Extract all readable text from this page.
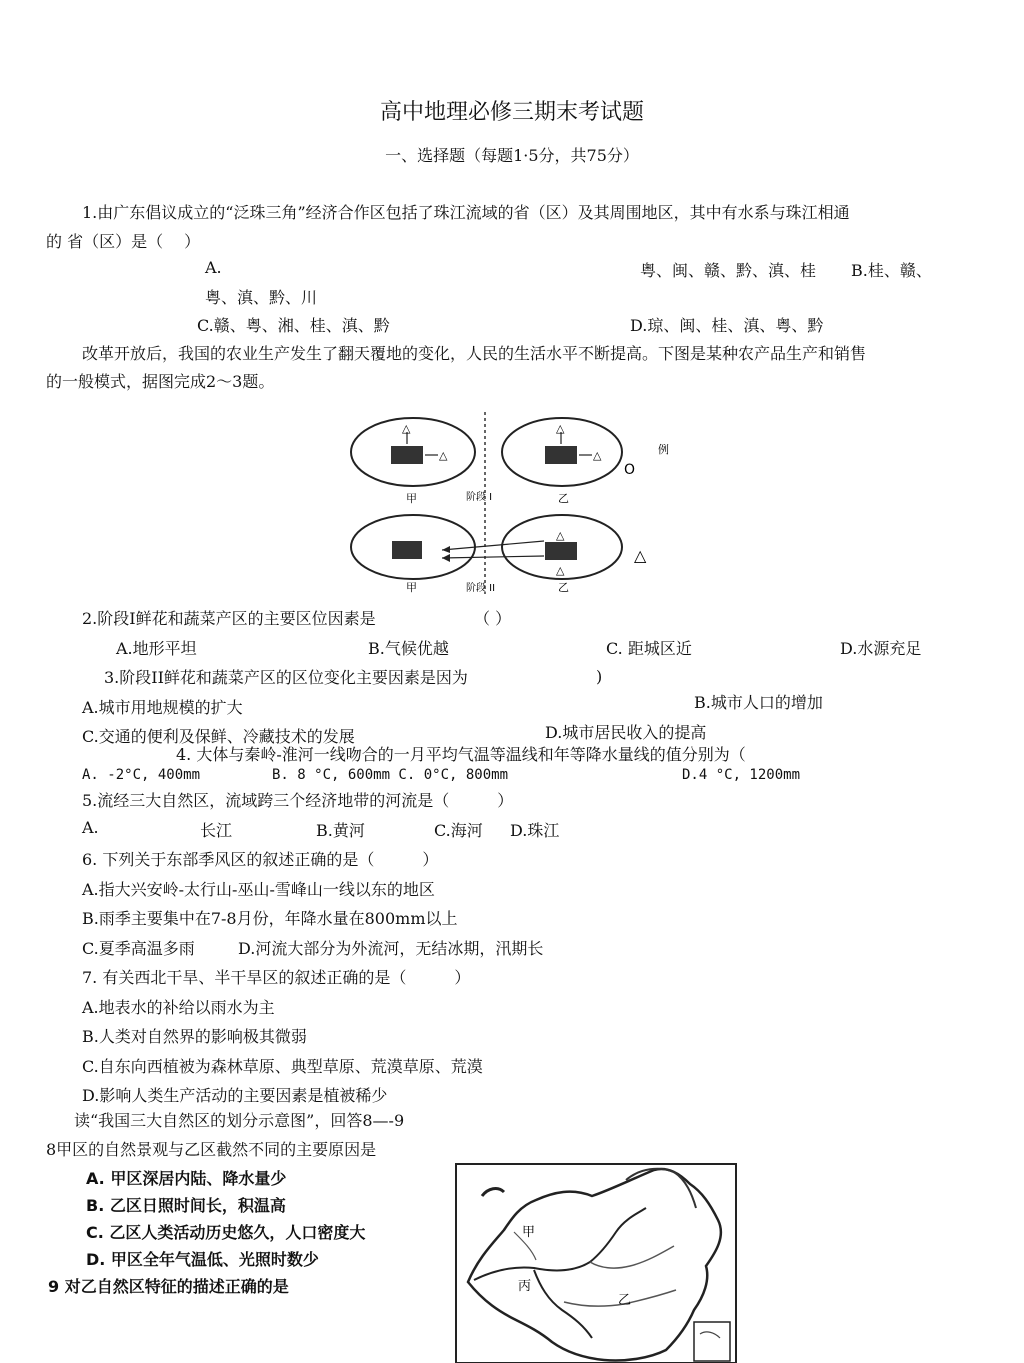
高中地理必修三期末考试题
一、选择题（每题1·5分，共75分）
1.由广东倡议成立的“泛珠三角”经济合作区包括了珠江流域的省（区）及其周围地区，其中有水系与珠江相通
的 省（区）是（　 ）
A.	粤、闽、赣、黔、滇、桂 B.桂、赣、
粤、滇、黔、川
C.赣、粤、湘、桂、滇、黔	D.琼、闽、桂、滇、粤、黔
改革开放后，我国的农业生产发生了翻天覆地的变化，人民的生活水平不断提高。下图是某种农产品生产和销售
的一般模式，据图完成2～3题。
△
△
甲	阶段 I
△
△
乙
甲	阶段 II
△
△
乙
例
O
△
2.阶段I鲜花和蔬菜产区的主要区位因素是	（ ）
A.地形平坦	B.气候优越	C. 距城区近	D.水源充足
3.阶段II鲜花和蔬菜产区的区位变化主要因素是因为	)
A.城市用地规模的扩大	B.城市人口的增加
C.交通的便利及保鲜、冷藏技术的发展	D.城市居民收入的提高
4. 大体与秦岭-淮河一线吻合的一月平均气温等温线和年等降水量线的值分别为（
A. -2°C, 400mm	B. 8 °C, 600mm C. 0°C, 800mm	D.4 °C, 1200mm
5.流经三大自然区，流域跨三个经济地带的河流是（　　　）
A.	长江	B.黄河	C.海河 D.珠江
6. 下列关于东部季风区的叙述正确的是（　　　）
A.指大兴安岭-太行山-巫山-雪峰山一线以东的地区
B.雨季主要集中在7-8月份，年降水量在800mm以上
C.夏季高温多雨	D.河流大部分为外流河，无结冰期，汛期长
7. 有关西北干旱、半干旱区的叙述正确的是（　　　）
A.地表水的补给以雨水为主
B.人类对自然界的影响极其微弱
C.自东向西植被为森林草原、典型草原、荒漠草原、荒漠
D.影响人类生产活动的主要因素是植被稀少
读“我国三大自然区的划分示意图”，回答8—-9
8甲区的自然景观与乙区截然不同的主要原因是
A. 甲区深居内陆、降水量少
B. 乙区日照时间长，积温高
C. 乙区人类活动历史悠久，人口密度大
D. 甲区全年气温低、光照时数少
9 对乙自然区特征的描述正确的是
甲
丙
乙
